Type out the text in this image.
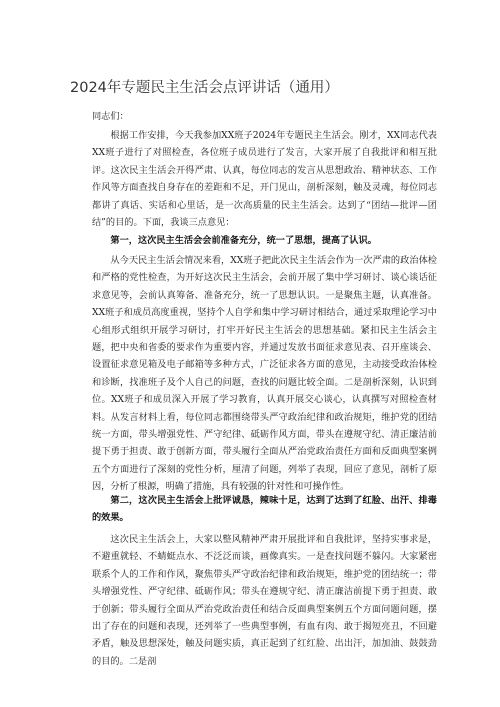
2024年专题民主生活会点评讲话（通用）
同志们：

根据工作安排，今天我参加XX班子2024年专题民主生活会。刚才，XX同志代表XX班子进行了对照检查，各位班子成员进行了发言，大家开展了自我批评和相互批评。这次民主生活会开得严肃、认真，每位同志的发言从思想政治、精神状态、工作作风等方面查找自身存在的差距和不足，开门见山，剖析深刻，触及灵魂，每位同志都讲了真话、实话和心里话，是一次高质量的民主生活会。达到了“团结—批评—团结”的目的。下面，我谈三点意见：

第一，这次民主生活会会前准备充分，统一了思想，提高了认识。

从今天民主生活会情况来看，XX班子把此次民主生活会作为一次严肃的政治体检和严格的党性检查，为开好这次民主生活会，会前开展了集中学习研讨、谈心谈话征求意见等，会前认真筹备、准备充分，统一了思想认识。一是聚焦主题，认真准备。XX班子和成员高度重视，坚持个人自学和集中学习研讨相结合，通过采取理论学习中心组形式组织开展学习研讨，打牢开好民主生活会的思想基础。紧扣民主生活会主题，把中央和省委的要求作为重要内容，并通过发放书面征求意见表、召开座谈会、设置征求意见箱及电子邮箱等多种方式，广泛征求各方面的意见，主动接受政治体检和诊断，找准班子及个人自己的问题，查找的问题比较全面。二是剖析深刻，认识到位。XX班子和成员深入开展了学习教育，认真开展交心谈心，认真撰写对照检查材料。从发言材料上看，每位同志都围绕带头严守政治纪律和政治规矩，维护党的团结统一方面，带头增强党性、严守纪律、砥砺作风方面，带头在遵规守纪、清正廉洁前提下勇于担责、敢于创新方面，带头履行全面从严治党政治责任方面和反面典型案例五个方面进行了深刻的党性分析，厘清了问题，列举了表现，回应了意见，剖析了原因，分析了根源，明确了措施，具有较强的针对性和可操作性。

第二，这次民主生活会上批评诚恳，辣味十足，达到了达到了红脸、出汗、排毒的效果。

这次民主生活会上，大家以整风精神严肃开展批评和自我批评，坚持实事求是，不避重就轻、不蜻蜓点水、不泛泛而谈，画像真实。一是查找问题不躲闪。大家紧密联系个人的工作和作风，聚焦带头严守政治纪律和政治规矩，维护党的团结统一；带头增强党性、严守纪律、砥砺作风；带头在遵规守纪、清正廉洁前提下勇于担责、敢于创新；带头履行全面从严治党政治责任和结合反面典型案例五个方面问题问题，摆出了存在的问题和表现，还列举了一些典型事例，有血有肉、敢于揭短亮丑，不回避矛盾，触及思想深处，触及问题实质，真正起到了红红脸、出出汗，加加油、鼓鼓劲的目的。二是剖
